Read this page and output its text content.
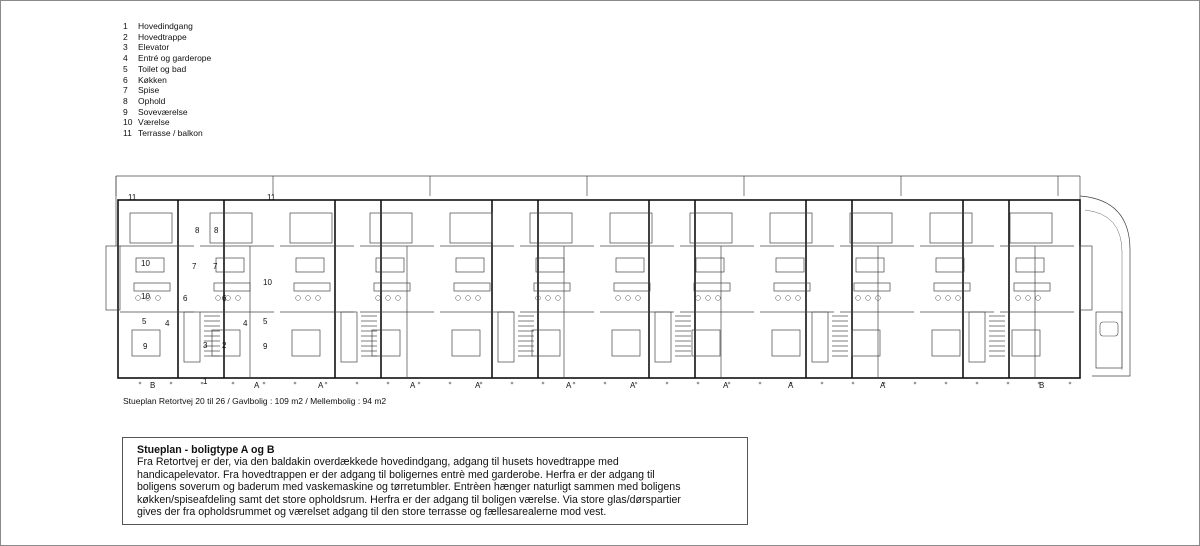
1	Hovedindgang
2	Hovedtrappe
3	Elevator
4	Entré og garderope
5	Toilet og bad
6	Køkken
7	Spise
8	Ophold
9	Soveværelse
10 Værelse
11 Terrasse / balkon
11	11
8 8
7 7
10
10
10	6	6
5 4	4 5
9	3 2	9
1
B	A	A	A	A	A	A	A	A	A	B
Stueplan Retortvej 20 til 26 / Gavlbolig : 109 m2 / Mellembolig : 94 m2
Stueplan - boligtype A og B
Fra Retortvej er der, via den baldakin overdækkede hovedindgang, adgang til husets hovedtrappe med
handicapelevator. Fra hovedtrappen er der adgang til boligernes entrè med garderobe. Herfra er der adgang til
boligens soverum og baderum med vaskemaskine og tørretumbler. Entrèen hænger naturligt sammen med boligens
køkken/spiseafdeling samt det store opholdsrum. Herfra er der adgang til boligen værelse. Via store glas/dørspartier
gives der fra opholdsrummet og værelset adgang til den store terrasse og fællesarealerne mod vest.
